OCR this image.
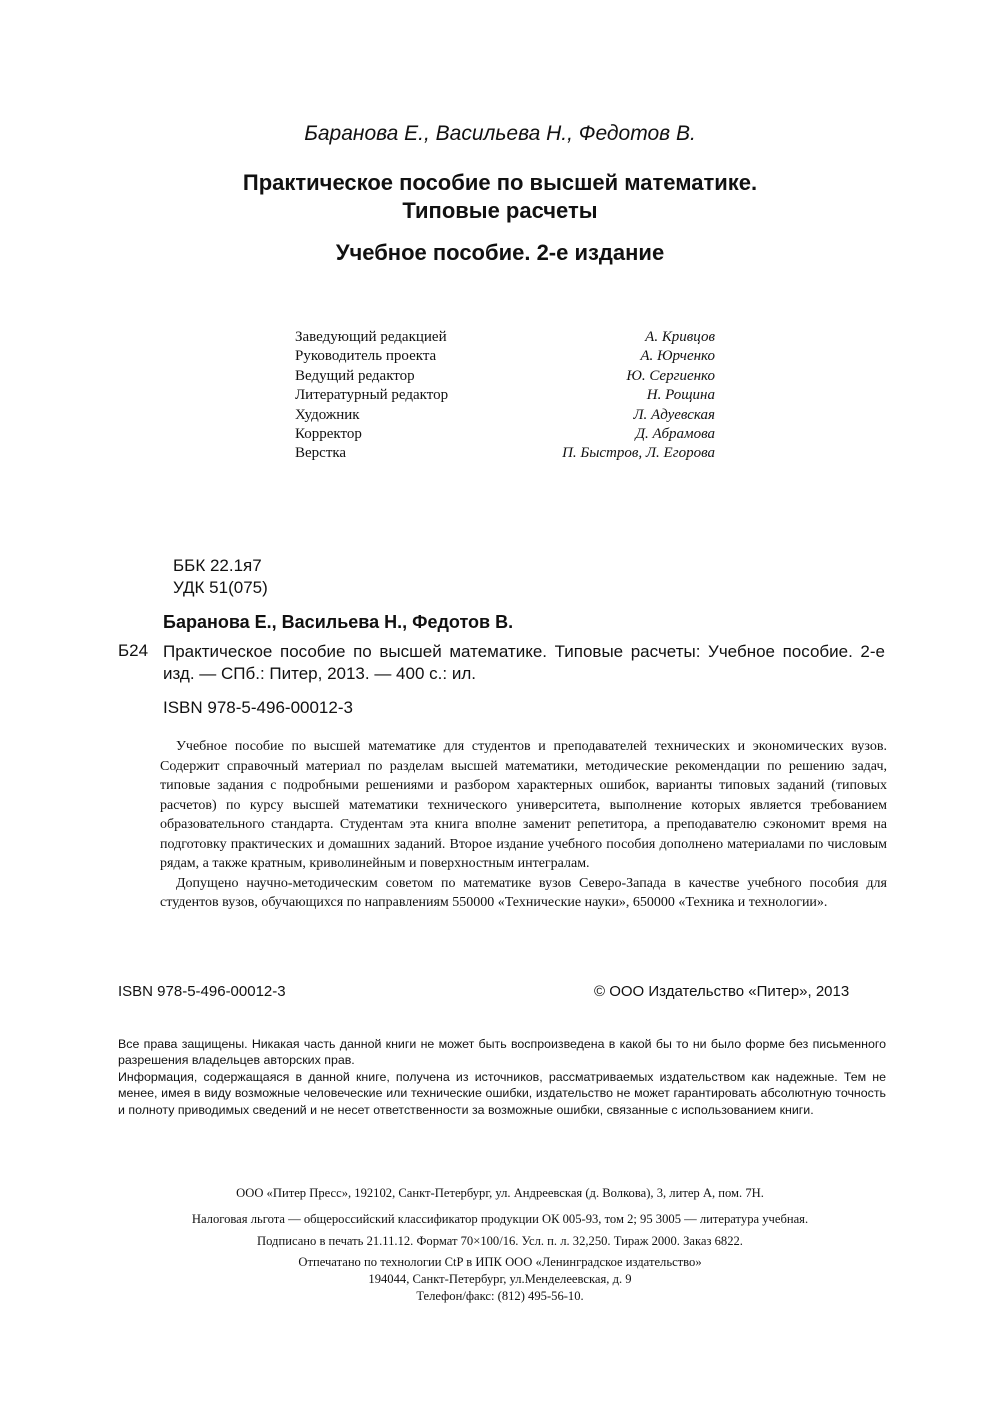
Баранова Е., Васильева Н., Федотов В.
Практическое пособие по высшей математике.
Типовые расчеты
Учебное пособие. 2-е издание
Заведующий редакцией	А. Кривцов
Руководитель проекта	А. Юрченко
Ведущий редактор	Ю. Сергиенко
Литературный редактор	Н. Рощина
Художник	Л. Адуевская
Корректор	Д. Абрамова
Верстка	П. Быстров, Л. Егорова
ББК 22.1я7
УДК 51(075)
Баранова Е., Васильева Н., Федотов В.
Б24 Практическое пособие по высшей математике. Типовые расчеты: Учебное пособие. 2-е изд. — СПб.: Питер, 2013. — 400 с.: ил.
ISBN 978-5-496-00012-3

Учебное пособие по высшей математике для студентов и преподавателей технических и экономических вузов. Содержит справочный материал по разделам высшей математики, методические рекомендации по решению задач, типовые задания с подробными решениями и разбором характерных ошибок, варианты типовых заданий (типовых расчетов) по курсу высшей математики технического университета, выполнение которых является требованием образовательного стандарта. Студентам эта книга вполне заменит репетитора, а преподавателю сэкономит время на подготовку практических и домашних заданий. Второе издание учебного пособия дополнено материалами по числовым рядам, а также кратным, криволинейным и поверхностным интегралам.

Допущено научно-методическим советом по математике вузов Северо-Запада в качестве учебного пособия для студентов вузов, обучающихся по направлениям 550000 «Технические науки», 650000 «Техника и технологии».

ISBN 978-5-496-00012-3	© ООО Издательство «Питер», 2013

Все права защищены. Никакая часть данной книги не может быть воспроизведена в какой бы то ни было форме без письменного разрешения владельцев авторских прав.

Информация, содержащаяся в данной книге, получена из источников, рассматриваемых издательством как надежные. Тем не менее, имея в виду возможные человеческие или технические ошибки, издательство не может гарантировать абсолютную точность и полноту приводимых сведений и не несет ответственности за возможные ошибки, связанные с использованием книги.

ООО «Питер Пресс», 192102, Санкт-Петербург, ул. Андреевская (д. Волкова), 3, литер А, пом. 7Н.
Налоговая льгота — общероссийский классификатор продукции ОК 005-93, том 2; 95 3005 — литература учебная.
Подписано в печать 21.11.12. Формат 70×100/16. Усл. п. л. 32,250. Тираж 2000. Заказ 6822.
Отпечатано по технологии CtP в ИПК ООО «Ленинградское издательство»
194044, Санкт-Петербург, ул.Менделеевская, д. 9
Телефон/факс: (812) 495-56-10.
